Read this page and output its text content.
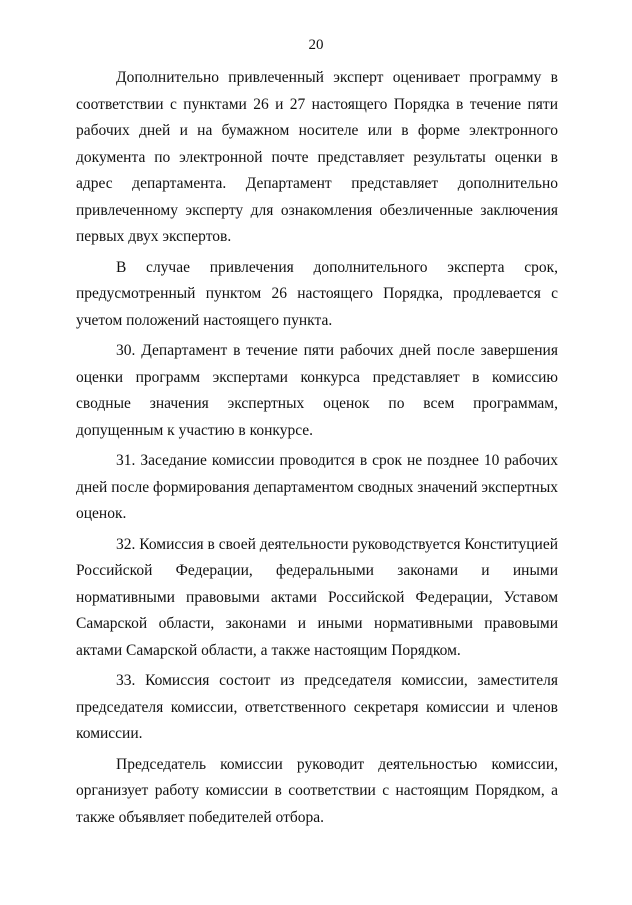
20

Дополнительно привлеченный эксперт оценивает программу в соответствии с пунктами 26 и 27 настоящего Порядка в течение пяти рабочих дней и на бумажном носителе или в форме электронного документа по электронной почте представляет результаты оценки в адрес департамента. Департамент представляет дополнительно привлеченному эксперту для ознакомления обезличенные заключения первых двух экспертов.

В случае привлечения дополнительного эксперта срок, предусмотренный пунктом 26 настоящего Порядка, продлевается с учетом положений настоящего пункта.

30. Департамент в течение пяти рабочих дней после завершения оценки программ экспертами конкурса представляет в комиссию сводные значения экспертных оценок по всем программам, допущенным к участию в конкурсе.

31. Заседание комиссии проводится в срок не позднее 10 рабочих дней после формирования департаментом сводных значений экспертных оценок.

32. Комиссия в своей деятельности руководствуется Конституцией Российской Федерации, федеральными законами и иными нормативными правовыми актами Российской Федерации, Уставом Самарской области, законами и иными нормативными правовыми актами Самарской области, а также настоящим Порядком.

33. Комиссия состоит из председателя комиссии, заместителя председателя комиссии, ответственного секретаря комиссии и членов комиссии.

Председатель комиссии руководит деятельностью комиссии, организует работу комиссии в соответствии с настоящим Порядком, а также объявляет победителей отбора.
